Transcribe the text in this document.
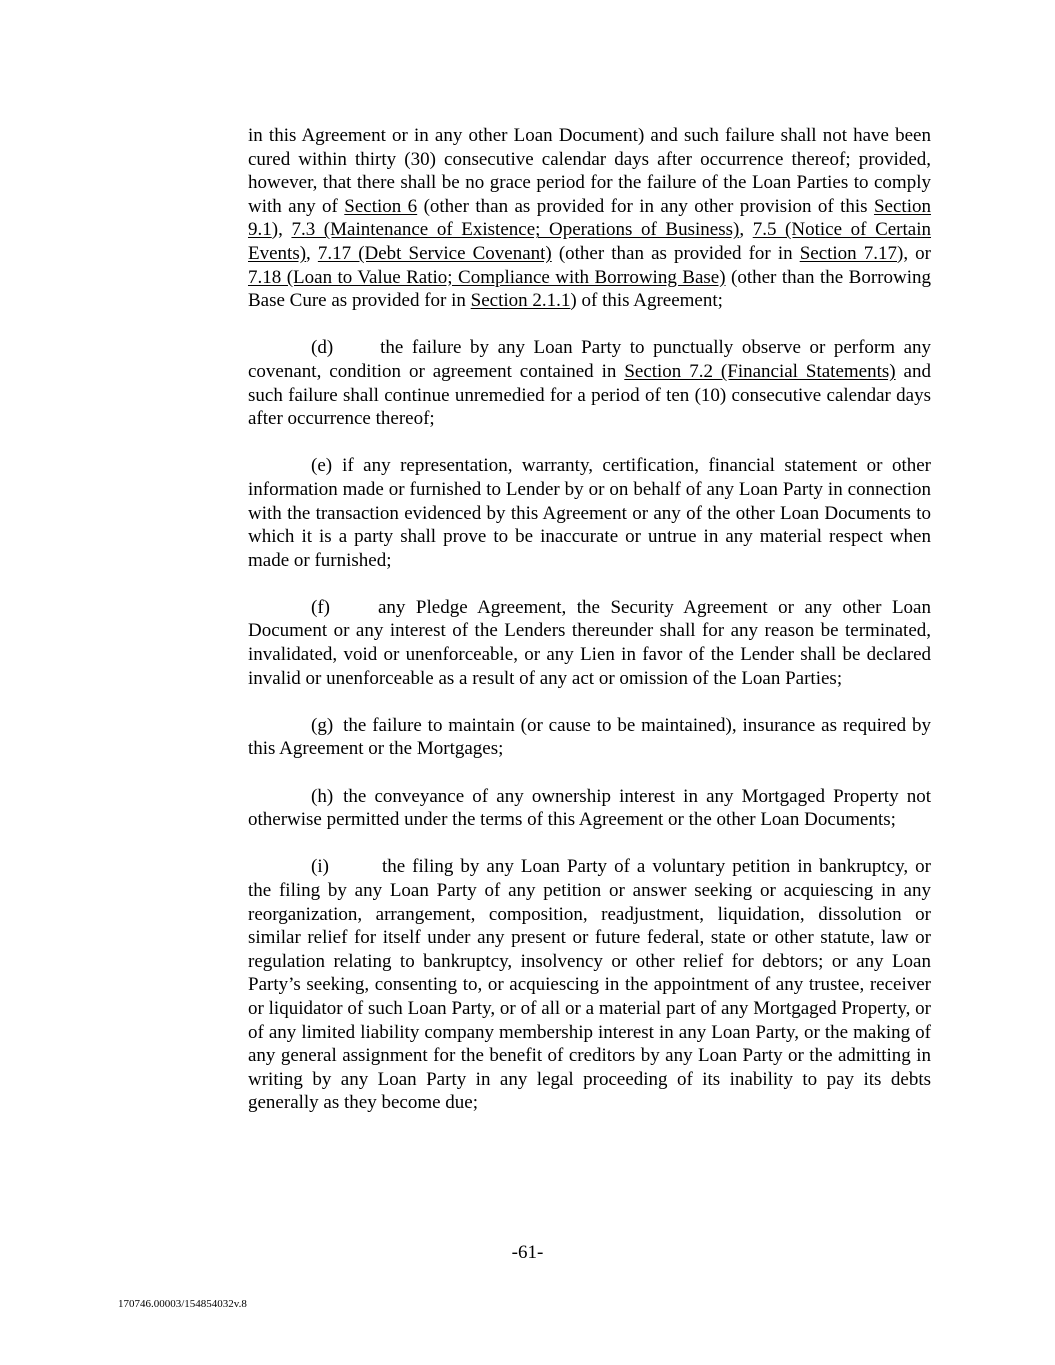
in this Agreement or in any other Loan Document) and such failure shall not have been cured within thirty (30) consecutive calendar days after occurrence thereof; provided, however, that there shall be no grace period for the failure of the Loan Parties to comply with any of Section 6 (other than as provided for in any other provision of this Section 9.1), 7.3 (Maintenance of Existence; Operations of Business), 7.5 (Notice of Certain Events), 7.17 (Debt Service Covenant) (other than as provided for in Section 7.17), or 7.18 (Loan to Value Ratio; Compliance with Borrowing Base) (other than the Borrowing Base Cure as provided for in Section 2.1.1) of this Agreement;

(d) the failure by any Loan Party to punctually observe or perform any covenant, condition or agreement contained in Section 7.2 (Financial Statements) and such failure shall continue unremedied for a period of ten (10) consecutive calendar days after occurrence thereof;

(e) if any representation, warranty, certification, financial statement or other information made or furnished to Lender by or on behalf of any Loan Party in connection with the transaction evidenced by this Agreement or any of the other Loan Documents to which it is a party shall prove to be inaccurate or untrue in any material respect when made or furnished;

(f)	any Pledge Agreement, the Security Agreement or any other Loan Document or any interest of the Lenders thereunder shall for any reason be terminated, invalidated, void or unenforceable, or any Lien in favor of the Lender shall be declared invalid or unenforceable as a result of any act or omission of the Loan Parties;

(g) the failure to maintain (or cause to be maintained), insurance as required by this Agreement or the Mortgages;

(h) the conveyance of any ownership interest in any Mortgaged Property not otherwise permitted under the terms of this Agreement or the other Loan Documents;

(i)	the filing by any Loan Party of a voluntary petition in bankruptcy, or the filing by any Loan Party of any petition or answer seeking or acquiescing in any reorganization, arrangement, composition, readjustment, liquidation, dissolution or similar relief for itself under any present or future federal, state or other statute, law or regulation relating to bankruptcy, insolvency or other relief for debtors; or any Loan Party’s seeking, consenting to, or acquiescing in the appointment of any trustee, receiver or liquidator of such Loan Party, or of all or a material part of any Mortgaged Property, or of any limited liability company membership interest in any Loan Party, or the making of any general assignment for the benefit of creditors by any Loan Party or the admitting in writing by any Loan Party in any legal proceeding of its inability to pay its debts generally as they become due;

-61-
170746.00003/154854032v.8
